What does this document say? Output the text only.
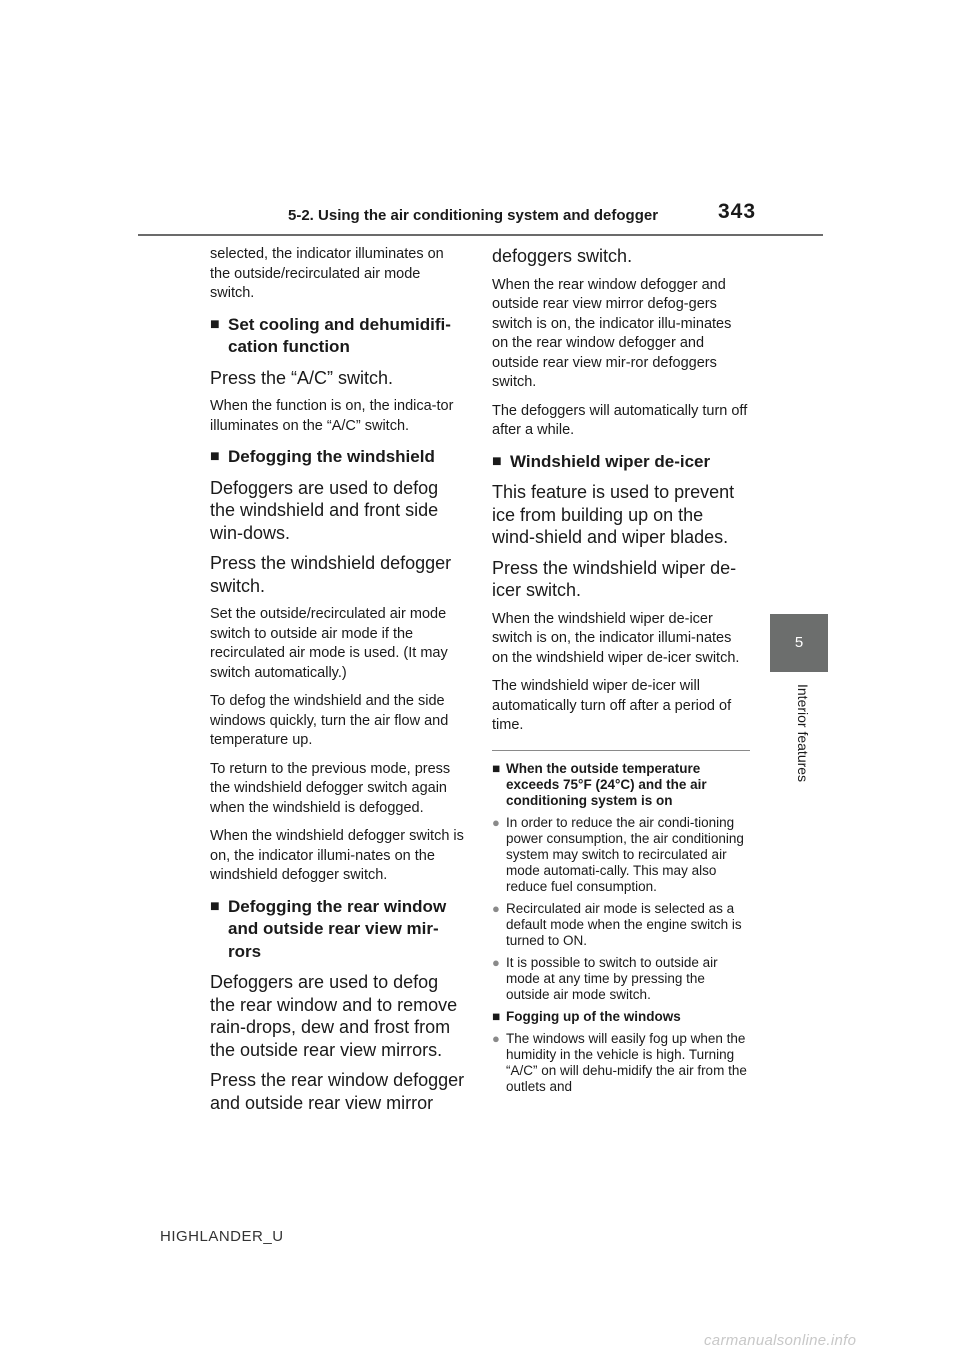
5-2. Using the air conditioning system and defogger	343
5
Interior features

selected, the indicator illuminates on the outside/recirculated air mode switch.

■ Set cooling and dehumidifi-cation function

Press the “A/C” switch.

When the function is on, the indica-tor illuminates on the “A/C” switch.

■ Defogging the windshield

Defoggers are used to defog the windshield and front side win-dows.

Press the windshield defogger switch.

Set the outside/recirculated air mode switch to outside air mode if the recirculated air mode is used. (It may switch automatically.)

To defog the windshield and the side windows quickly, turn the air flow and temperature up.

To return to the previous mode, press the windshield defogger switch again when the windshield is defogged.

When the windshield defogger switch is on, the indicator illumi-nates on the windshield defogger switch.

■ Defogging the rear window and outside rear view mir-rors

Defoggers are used to defog the rear window and to remove rain-drops, dew and frost from the outside rear view mirrors.

Press the rear window defogger and outside rear view mirror

defoggers switch.

When the rear window defogger and outside rear view mirror defog-gers switch is on, the indicator illu-minates on the rear window defogger and outside rear view mir-ror defoggers switch.

The defoggers will automatically turn off after a while.

■ Windshield wiper de-icer

This feature is used to prevent ice from building up on the wind-shield and wiper blades.

Press the windshield wiper de-icer switch.

When the windshield wiper de-icer switch is on, the indicator illumi-nates on the windshield wiper de-icer switch.

The windshield wiper de-icer will automatically turn off after a period of time.

■ When the outside temperature exceeds 75°F (24°C) and the air conditioning system is on
● In order to reduce the air condi-tioning power consumption, the air conditioning system may switch to recirculated air mode automati-cally. This may also reduce fuel consumption.
● Recirculated air mode is selected as a default mode when the engine switch is turned to ON.
● It is possible to switch to outside air mode at any time by pressing the outside air mode switch.
■ Fogging up of the windows
● The windows will easily fog up when the humidity in the vehicle is high. Turning “A/C” on will dehu-midify the air from the outlets and
HIGHLANDER_U
carmanualsonline.info
